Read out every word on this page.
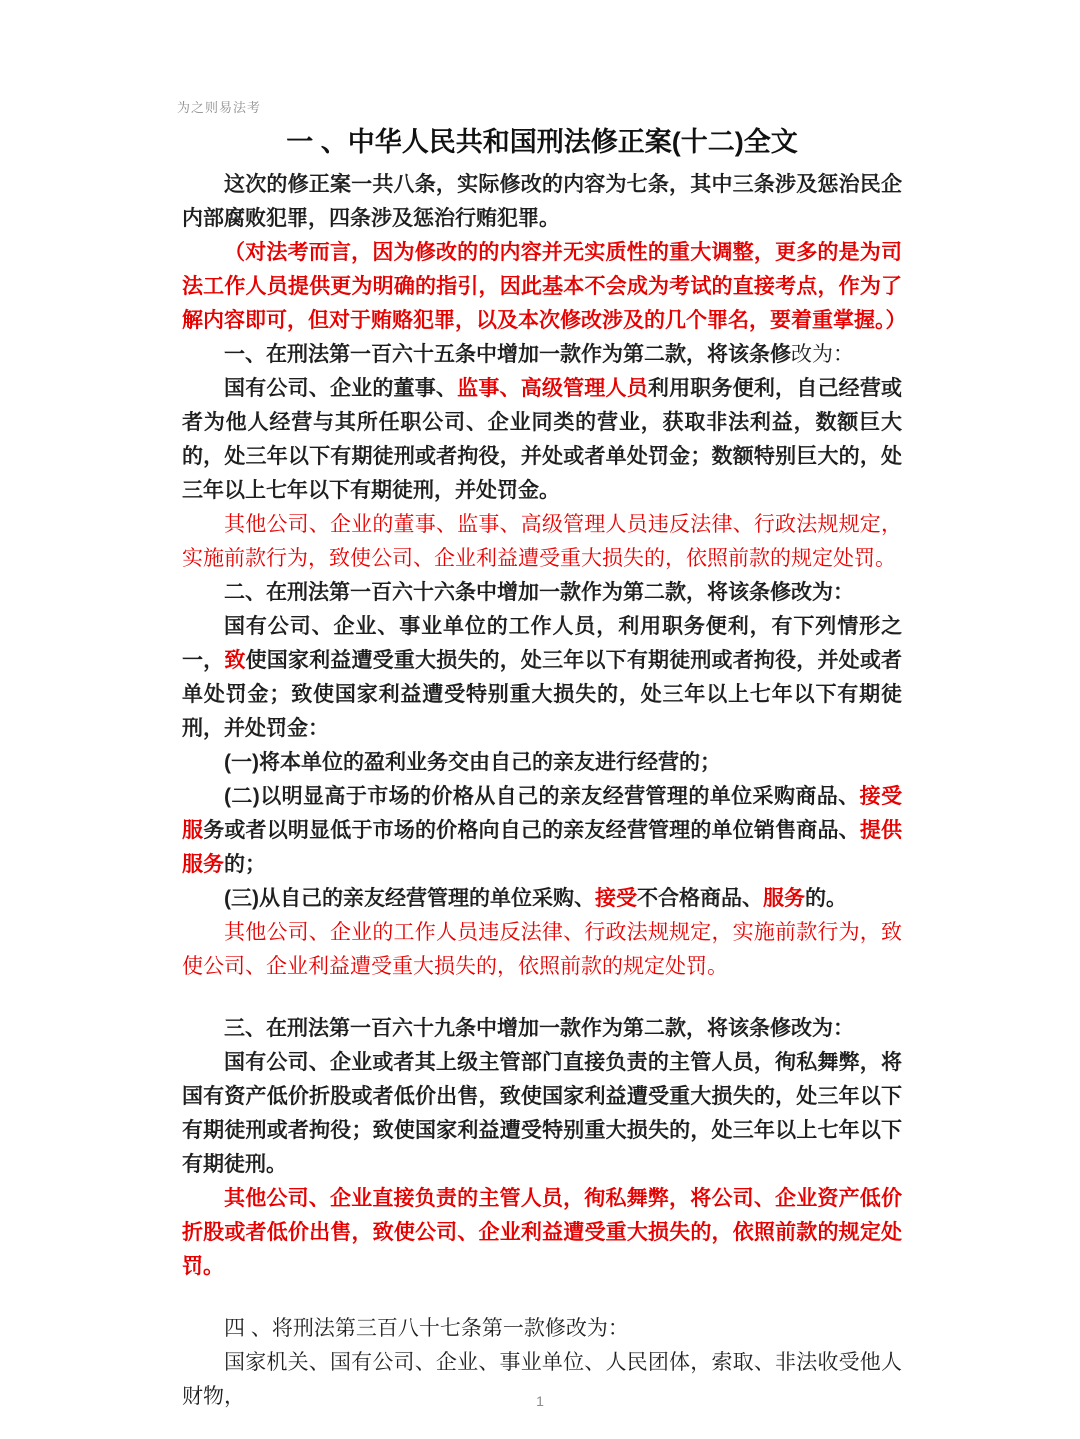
为之则易法考
一 、中华人民共和国刑法修正案(十二)全文

这次的修正案一共八条，实际修改的内容为七条，其中三条涉及惩治民企内部腐败犯罪，四条涉及惩治行贿犯罪。

（对法考而言，因为修改的的内容并无实质性的重大调整，更多的是为司法工作人员提供更为明确的指引，因此基本不会成为考试的直接考点，作为了解内容即可，但对于贿赂犯罪，以及本次修改涉及的几个罪名，要着重掌握。）

一、在刑法第一百六十五条中增加一款作为第二款，将该条修改为：

国有公司、企业的董事、监事、高级管理人员利用职务便利，自己经营或者为他人经营与其所任职公司、企业同类的营业，获取非法利益，数额巨大的，处三年以下有期徒刑或者拘役，并处或者单处罚金；数额特别巨大的，处三年以上七年以下有期徒刑，并处罚金。

其他公司、企业的董事、监事、高级管理人员违反法律、行政法规规定，实施前款行为，致使公司、企业利益遭受重大损失的，依照前款的规定处罚。

二、在刑法第一百六十六条中增加一款作为第二款，将该条修改为：

国有公司、企业、事业单位的工作人员，利用职务便利，有下列情形之一，致使国家利益遭受重大损失的，处三年以下有期徒刑或者拘役，并处或者单处罚金；致使国家利益遭受特别重大损失的，处三年以上七年以下有期徒刑，并处罚金：

(一)将本单位的盈利业务交由自己的亲友进行经营的；

(二)以明显高于市场的价格从自己的亲友经营管理的单位采购商品、接受服务或者以明显低于市场的价格向自己的亲友经营管理的单位销售商品、提供服务的；

(三)从自己的亲友经营管理的单位采购、接受不合格商品、服务的。

其他公司、企业的工作人员违反法律、行政法规规定，实施前款行为，致使公司、企业利益遭受重大损失的，依照前款的规定处罚。

三、在刑法第一百六十九条中增加一款作为第二款，将该条修改为：

国有公司、企业或者其上级主管部门直接负责的主管人员，徇私舞弊，将国有资产低价折股或者低价出售，致使国家利益遭受重大损失的，处三年以下有期徒刑或者拘役；致使国家利益遭受特别重大损失的，处三年以上七年以下有期徒刑。

其他公司、企业直接负责的主管人员，徇私舞弊，将公司、企业资产低价折股或者低价出售，致使公司、企业利益遭受重大损失的，依照前款的规定处罚。

四 、将刑法第三百八十七条第一款修改为：

国家机关、国有公司、企业、事业单位、人民团体，索取、非法收受他人财物，	1
